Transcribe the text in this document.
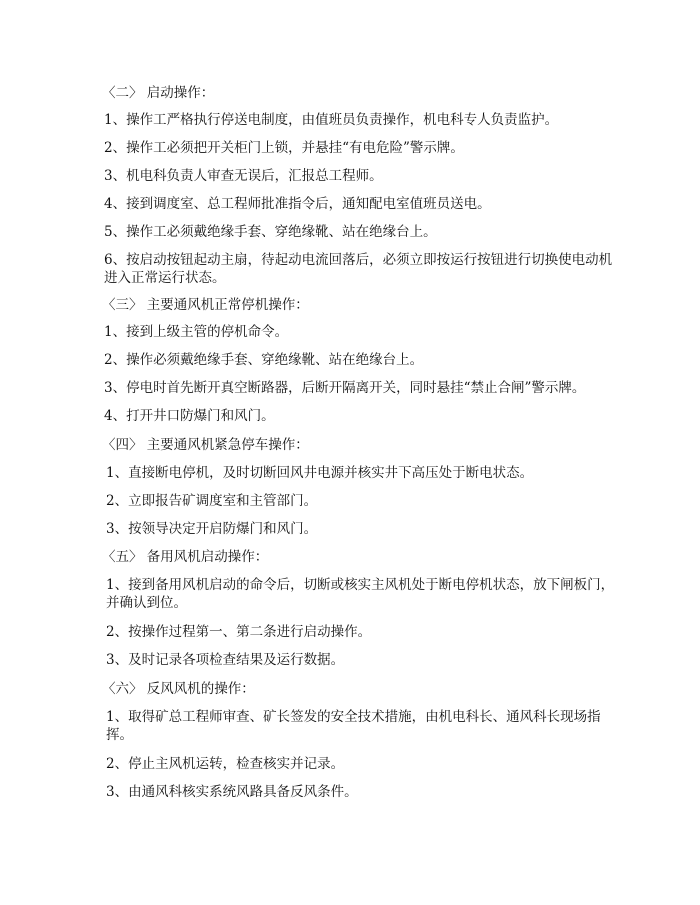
〈二〉 启动操作：
1、操作工严格执行停送电制度，由值班员负责操作，机电科专人负责监护。
2、操作工必须把开关柜门上锁，并悬挂“有电危险”警示牌。
3、机电科负责人审查无误后，汇报总工程师。
4、接到调度室、总工程师批准指令后，通知配电室值班员送电。
5、操作工必须戴绝缘手套、穿绝缘靴、站在绝缘台上。
6、按启动按钮起动主扇，待起动电流回落后，必须立即按运行按钮进行切换使电动机进入正常运行状态。
〈三〉 主要通风机正常停机操作：
1、接到上级主管的停机命令。
2、操作必须戴绝缘手套、穿绝缘靴、站在绝缘台上。
3、停电时首先断开真空断路器，后断开隔离开关，同时悬挂“禁止合闸”警示牌。
4、打开井口防爆门和风门。
〈四〉 主要通风机紧急停车操作：
1、直接断电停机，及时切断回风井电源并核实井下高压处于断电状态。
2、立即报告矿调度室和主管部门。
3、按领导决定开启防爆门和风门。
〈五〉 备用风机启动操作：
1、接到备用风机启动的命令后，切断或核实主风机处于断电停机状态，放下闸板门，并确认到位。
2、按操作过程第一、第二条进行启动操作。
3、及时记录各项检查结果及运行数据。
〈六〉 反风风机的操作：
1、取得矿总工程师审查、矿长签发的安全技术措施，由机电科长、通风科长现场指挥。
2、停止主风机运转，检查核实并记录。
3、由通风科核实系统风路具备反风条件。
